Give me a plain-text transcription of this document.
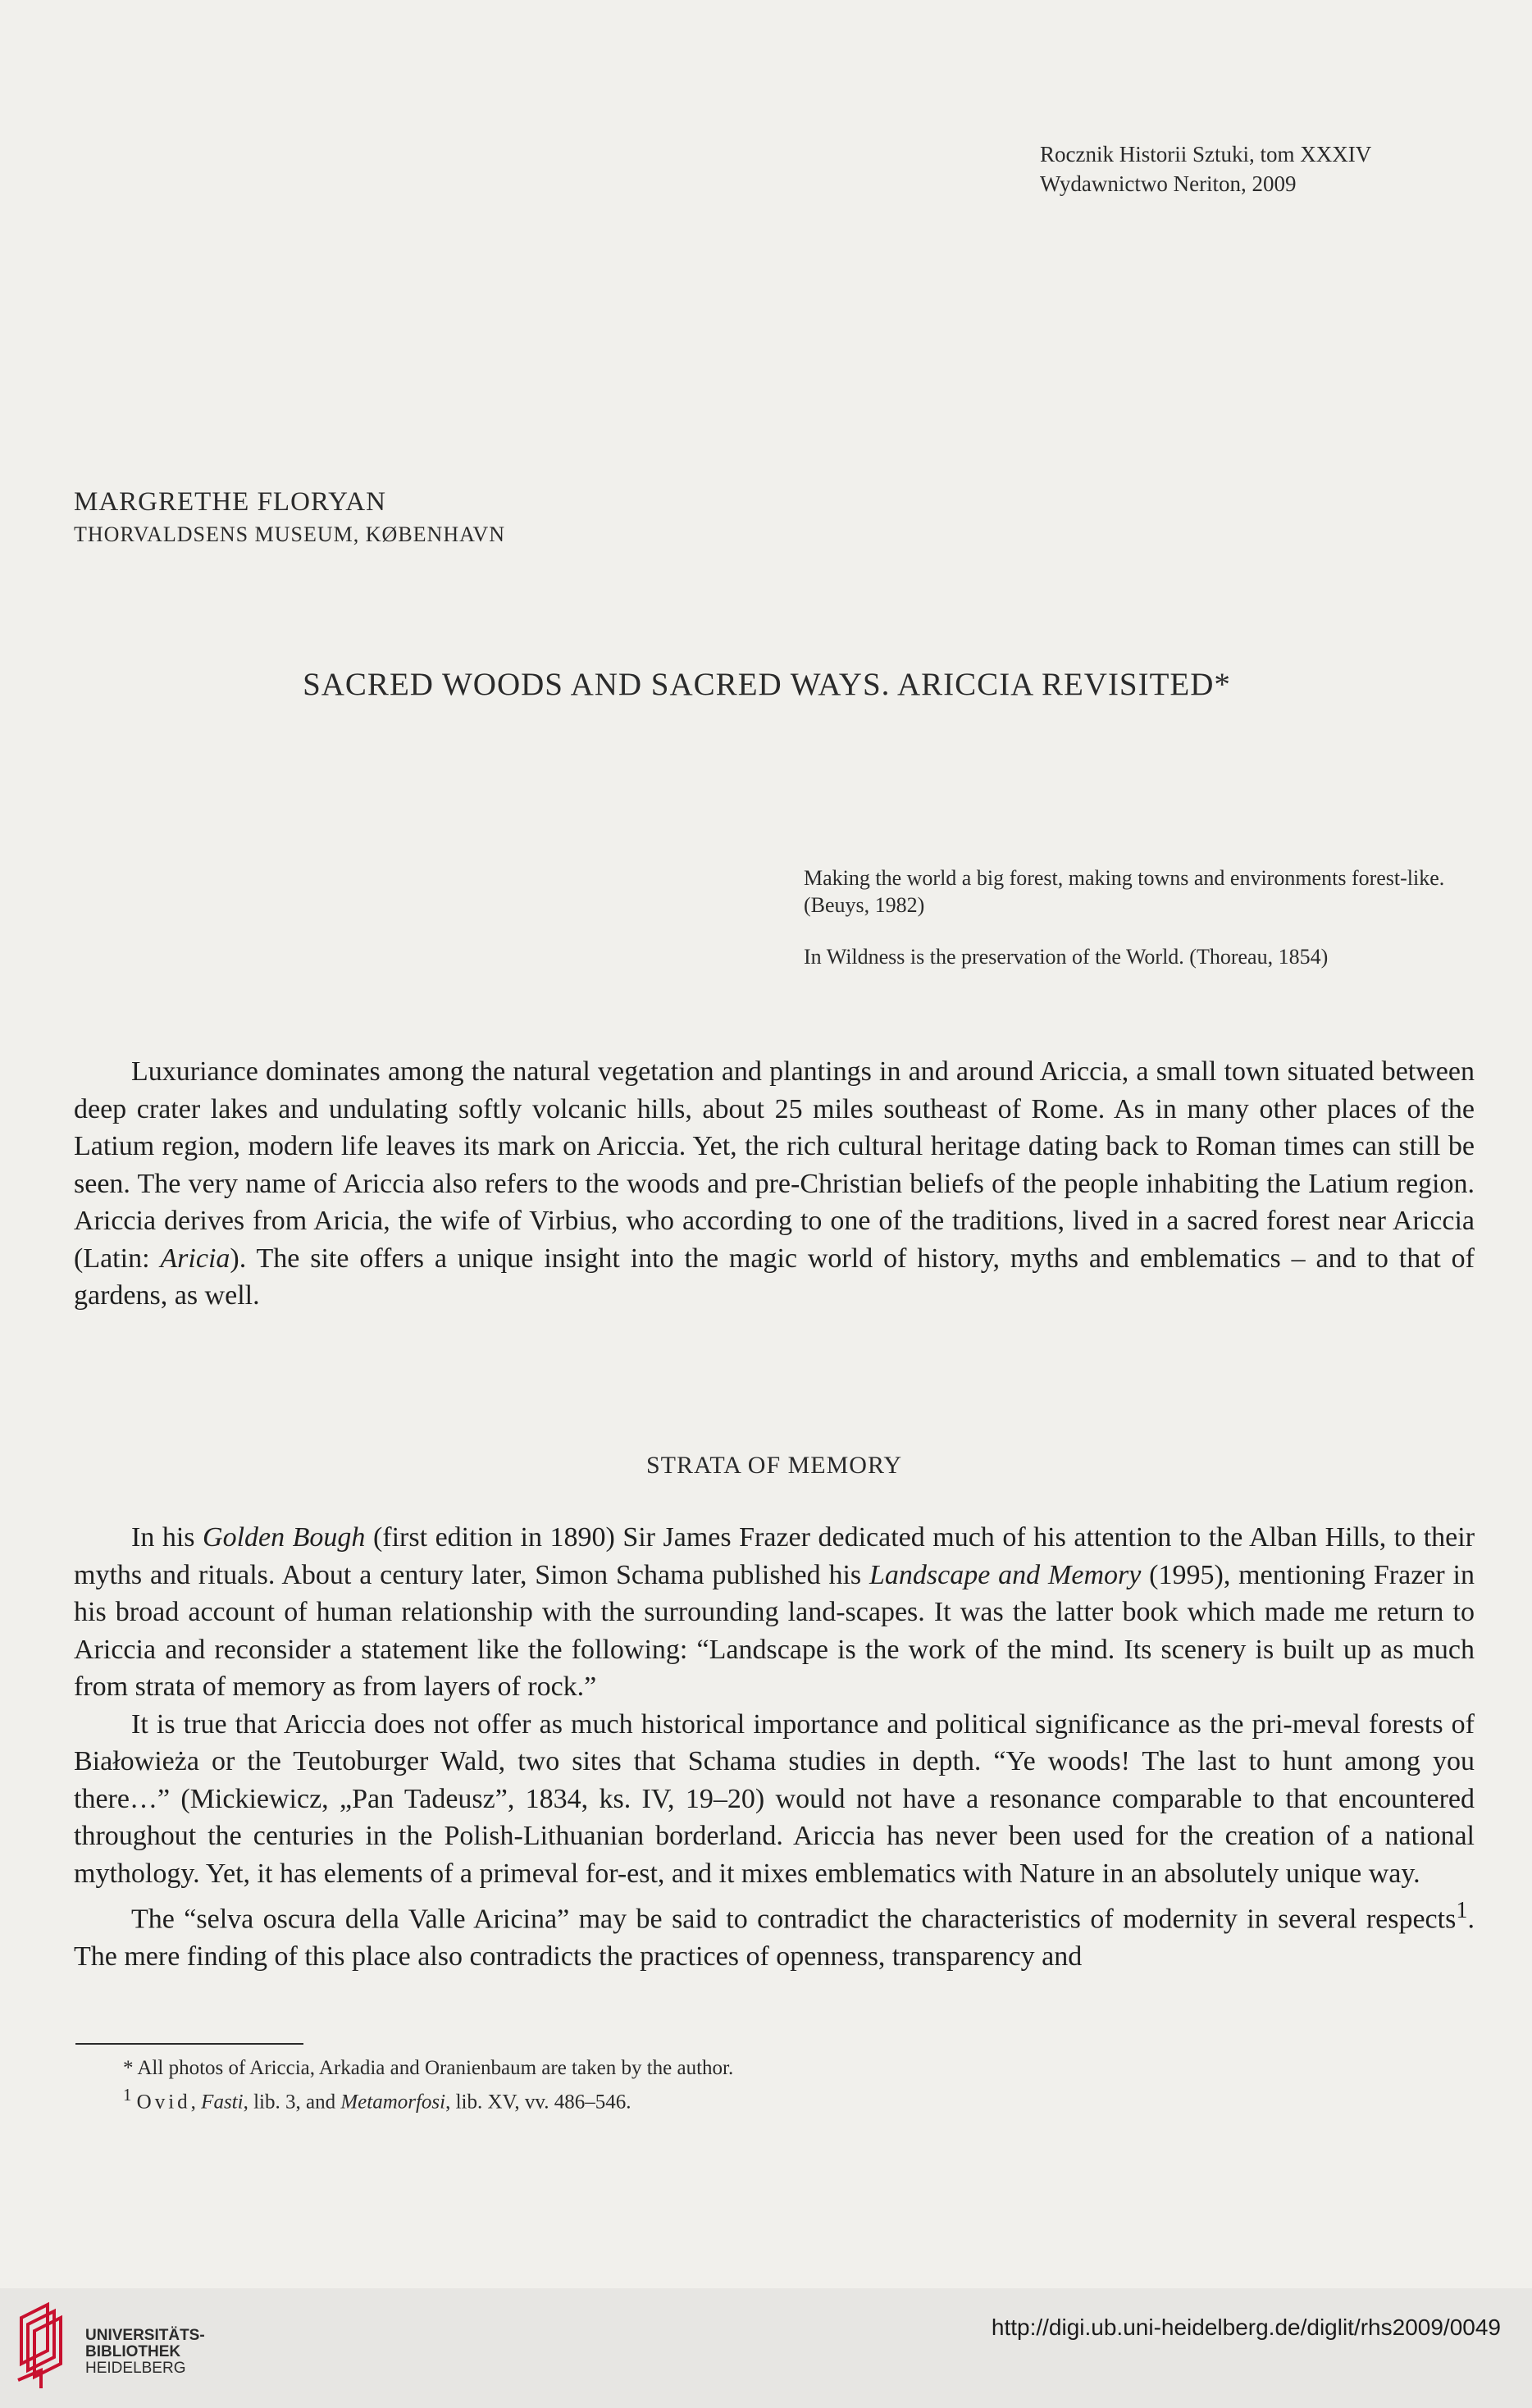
Rocznik Historii Sztuki, tom XXXIV
Wydawnictwo Neriton, 2009
MARGRETHE FLORYAN
THORVALDSENS MUSEUM, KØBENHAVN
SACRED WOODS AND SACRED WAYS. ARICCIA REVISITED*

Making the world a big forest, making towns and environments forest-like. (Beuys, 1982)

In Wildness is the preservation of the World. (Thoreau, 1854)

Luxuriance dominates among the natural vegetation and plantings in and around Ariccia, a small town situated between deep crater lakes and undulating softly volcanic hills, about 25 miles southeast of Rome. As in many other places of the Latium region, modern life leaves its mark on Ariccia. Yet, the rich cultural heritage dating back to Roman times can still be seen. The very name of Ariccia also refers to the woods and pre-Christian beliefs of the people inhabiting the Latium region. Ariccia derives from Aricia, the wife of Virbius, who according to one of the traditions, lived in a sacred forest near Ariccia (Latin: Aricia). The site offers a unique insight into the magic world of history, myths and emblematics – and to that of gardens, as well.

STRATA OF MEMORY

In his Golden Bough (first edition in 1890) Sir James Frazer dedicated much of his attention to the Alban Hills, to their myths and rituals. About a century later, Simon Schama published his Landscape and Memory (1995), mentioning Frazer in his broad account of human relationship with the surrounding land-scapes. It was the latter book which made me return to Ariccia and reconsider a statement like the following: “Landscape is the work of the mind. Its scenery is built up as much from strata of memory as from layers of rock.”

It is true that Ariccia does not offer as much historical importance and political significance as the pri-meval forests of Białowieża or the Teutoburger Wald, two sites that Schama studies in depth. “Ye woods! The last to hunt among you there…” (Mickiewicz, „Pan Tadeusz”, 1834, ks. IV, 19–20) would not have a resonance comparable to that encountered throughout the centuries in the Polish-Lithuanian borderland. Ariccia has never been used for the creation of a national mythology. Yet, it has elements of a primeval for-est, and it mixes emblematics with Nature in an absolutely unique way.

The “selva oscura della Valle Aricina” may be said to contradict the characteristics of modernity in several respects$^1$. The mere finding of this place also contradicts the practices of openness, transparency and

* All photos of Ariccia, Arkadia and Oranienbaum are taken by the author.
$^1$ Ovid, Fasti, lib. 3, and Metamorfosi, lib. XV, vv. 486–546.
UNIVERSITÄTS-
BIBLIOTHEK
HEIDELBERG
http://digi.ub.uni-heidelberg.de/diglit/rhs2009/0049
